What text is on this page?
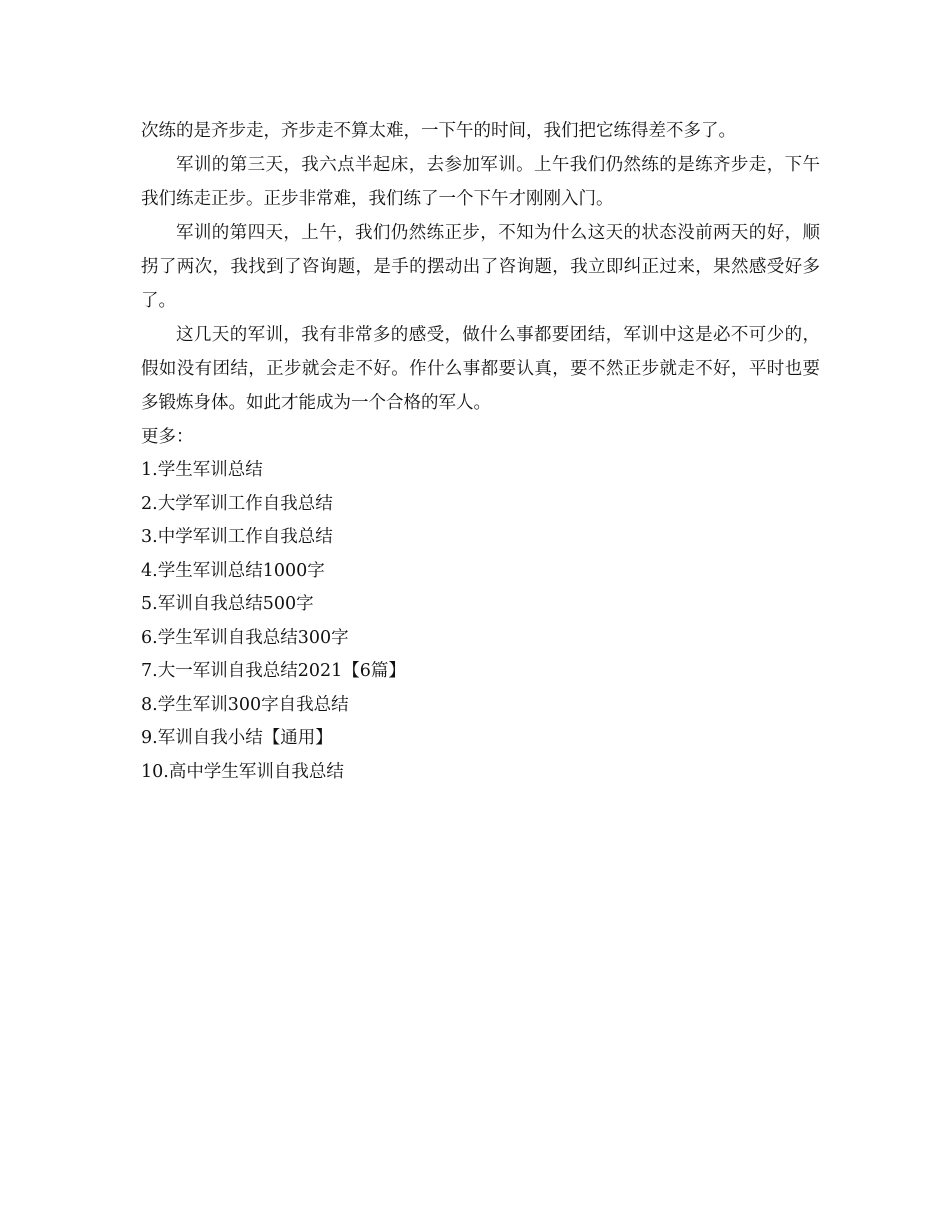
次练的是齐步走，齐步走不算太难，一下午的时间，我们把它练得差不多了。

军训的第三天，我六点半起床，去参加军训。上午我们仍然练的是练齐步走，下午我们练走正步。正步非常难，我们练了一个下午才刚刚入门。

军训的第四天，上午，我们仍然练正步，不知为什么这天的状态没前两天的好，顺拐了两次，我找到了咨询题，是手的摆动出了咨询题，我立即纠正过来，果然感受好多了。

这几天的军训，我有非常多的感受，做什么事都要团结，军训中这是必不可少的，假如没有团结，正步就会走不好。作什么事都要认真，要不然正步就走不好，平时也要多锻炼身体。如此才能成为一个合格的军人。

更多：

1.学生军训总结
2.大学军训工作自我总结
3.中学军训工作自我总结
4.学生军训总结1000字
5.军训自我总结500字
6.学生军训自我总结300字
7.大一军训自我总结2021【6篇】
8.学生军训300字自我总结
9.军训自我小结【通用】
10.高中学生军训自我总结
